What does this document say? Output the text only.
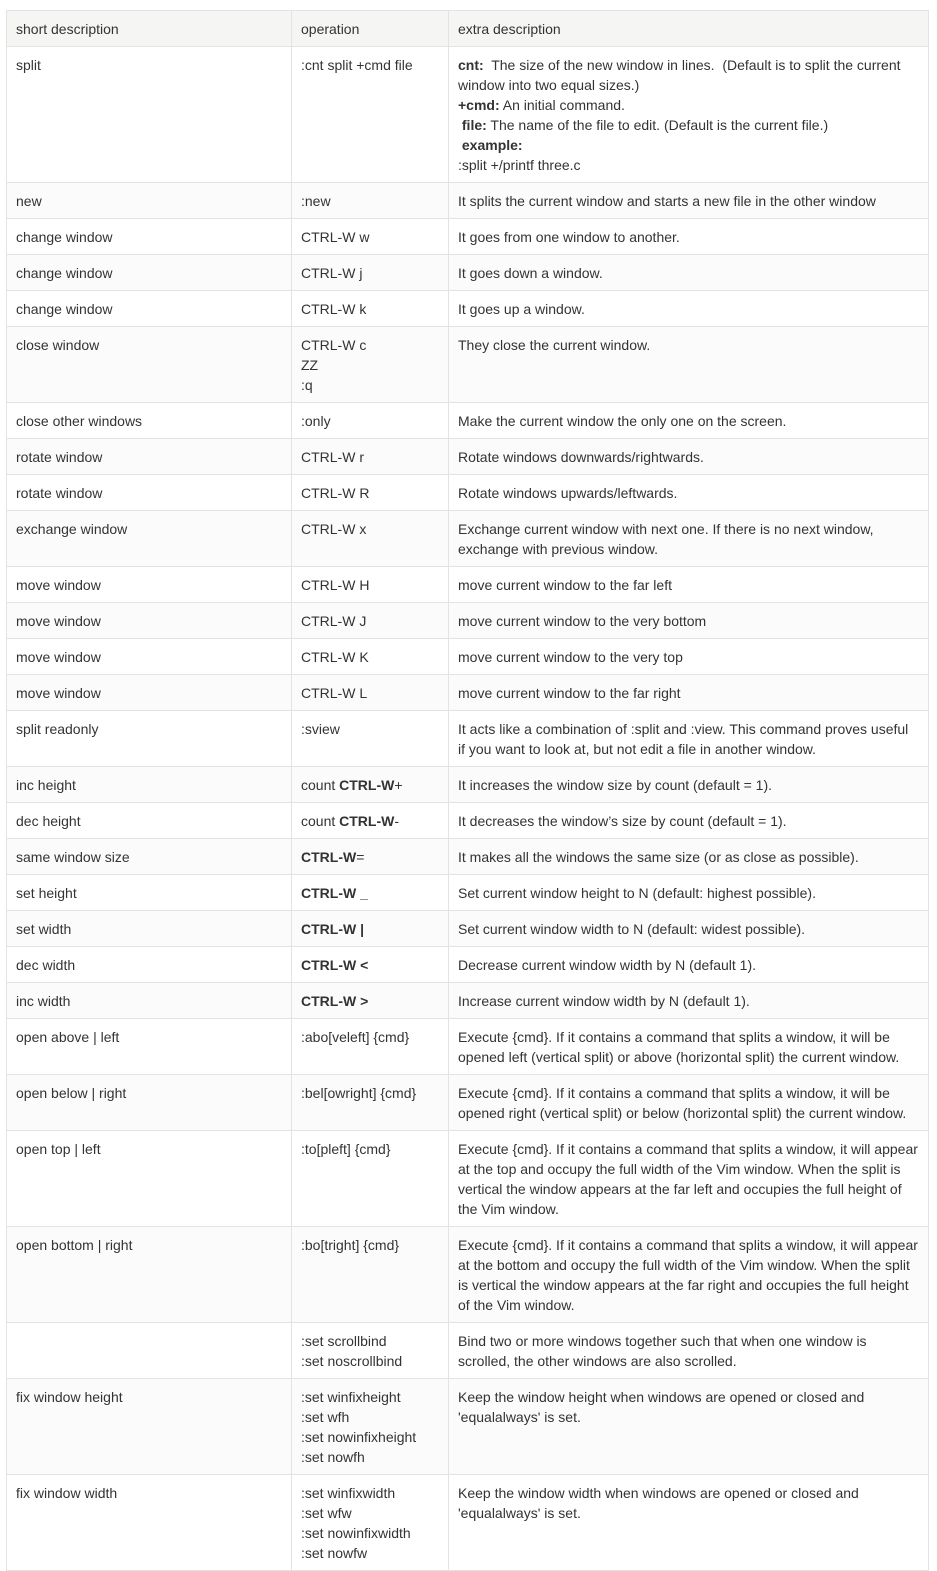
short description	operation	extra description
split	:cnt split +cmd file	cnt:  The size of the new window in lines.  (Default is to split the current window into two equal sizes.)
+cmd: An initial command.
file: The name of the file to edit. (Default is the current file.)
example:
:split +/printf three.c

new	:new	It splits the current window and starts a new file in the other window

change window	CTRL-W w	It goes from one window to another.

change window	CTRL-W j	It goes down a window.

change window	CTRL-W k	It goes up a window.

close window	CTRL-W c
ZZ
:q	They close the current window.

close other windows	:only	Make the current window the only one on the screen.

rotate window	CTRL-W r	Rotate windows downwards/rightwards.

rotate window	CTRL-W R	Rotate windows upwards/leftwards.

exchange window	CTRL-W x	Exchange current window with next one. If there is no next window, exchange with previous window.

move window	CTRL-W H	move current window to the far left

move window	CTRL-W J	move current window to the very bottom

move window	CTRL-W K	move current window to the very top

move window	CTRL-W L	move current window to the far right

split readonly	:sview	It acts like a combination of :split and :view. This command proves useful if you want to look at, but not edit a file in another window.

inc height	count CTRL-W+	It increases the window size by count (default = 1).

dec height	count CTRL-W-	It decreases the window’s size by count (default = 1).

same window size	CTRL-W=	It makes all the windows the same size (or as close as possible).

set height	CTRL-W _	Set current window height to N (default: highest possible).

set width	CTRL-W |	Set current window width to N (default: widest possible).

dec width	CTRL-W <	Decrease current window width by N (default 1).

inc width	CTRL-W >	Increase current window width by N (default 1).

open above | left	:abo[veleft] {cmd}	Execute {cmd}. If it contains a command that splits a window, it will be opened left (vertical split) or above (horizontal split) the current window.

open below | right	:bel[owright] {cmd}	Execute {cmd}. If it contains a command that splits a window, it will be opened right (vertical split) or below (horizontal split) the current window.

open top | left	:to[pleft] {cmd}	Execute {cmd}. If it contains a command that splits a window, it will appear at the top and occupy the full width of the Vim window. When the split is vertical the window appears at the far left and occupies the full height of the Vim window.

open bottom | right	:bo[tright] {cmd}	Execute {cmd}. If it contains a command that splits a window, it will appear at the bottom and occupy the full width of the Vim window. When the split is vertical the window appears at the far right and occupies the full height of the Vim window.

	:set scrollbind
:set noscrollbind	Bind two or more windows together such that when one window is scrolled, the other windows are also scrolled.

fix window height	:set winfixheight
:set wfh
:set nowinfixheight
:set nowfh	Keep the window height when windows are opened or closed and 'equalalways' is set.

fix window width	:set winfixwidth
:set wfw
:set nowinfixwidth
:set nowfw	Keep the window width when windows are opened or closed and 'equalalways' is set.
